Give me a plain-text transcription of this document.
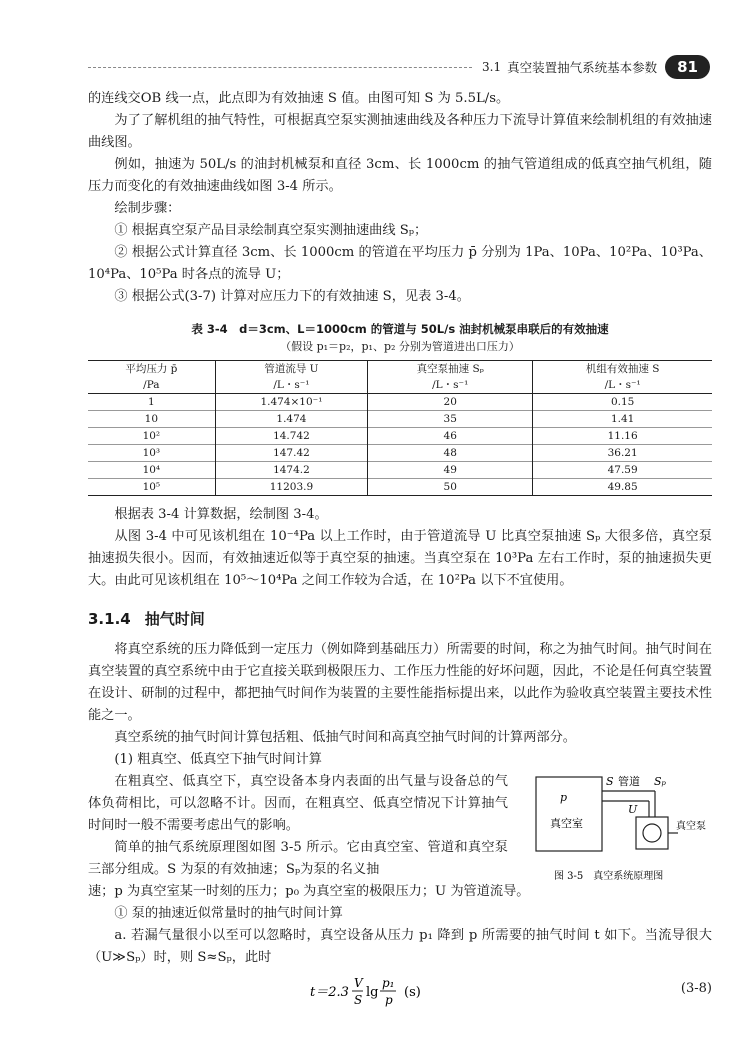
3.1 真空装置抽气系统基本参数	81

的连线交OB 线一点，此点即为有效抽速 S 值。由图可知 S 为 5.5L/s。

为了了解机组的抽气特性，可根据真空泵实测抽速曲线及各种压力下流导计算值来绘制机组的有效抽速曲线图。

例如，抽速为 50L/s 的油封机械泵和直径 3cm、长 1000cm 的抽气管道组成的低真空抽气机组，随压力而变化的有效抽速曲线如图 3-4 所示。

绘制步骤：

① 根据真空泵产品目录绘制真空泵实测抽速曲线 Sₚ；

② 根据公式计算直径 3cm、长 1000cm 的管道在平均压力 p̄ 分别为 1Pa、10Pa、10²Pa、10³Pa、10⁴Pa、10⁵Pa 时各点的流导 U；

③ 根据公式(3-7) 计算对应压力下的有效抽速 S，见表 3-4。

表 3-4　d＝3cm、L＝1000cm 的管道与 50L/s 油封机械泵串联后的有效抽速
（假设 p₁＝p₂，p₁、p₂ 分别为管道进出口压力）
平均压力 p̄	管道流导 U	真空泵抽速 Sₚ	机组有效抽速 S
/Pa	/L・s⁻¹	/L・s⁻¹	/L・s⁻¹
1	1.474×10⁻¹	20	0.15
10	1.474	35	1.41
10²	14.742	46	11.16
10³	147.42	48	36.21
10⁴	1474.2	49	47.59
10⁵	11203.9	50	49.85

根据表 3-4 计算数据，绘制图 3-4。

从图 3-4 中可见该机组在 10⁻⁴Pa 以上工作时，由于管道流导 U 比真空泵抽速 Sₚ 大很多倍，真空泵抽速损失很小。因而，有效抽速近似等于真空泵的抽速。当真空泵在 10³Pa 左右工作时，泵的抽速损失更大。由此可见该机组在 10⁵～10⁴Pa 之间工作较为合适，在 10²Pa 以下不宜使用。

3.1.4 抽气时间

将真空系统的压力降低到一定压力（例如降到基础压力）所需要的时间，称之为抽气时间。抽气时间在真空装置的真空系统中由于它直接关联到极限压力、工作压力性能的好坏问题，因此，不论是任何真空装置在设计、研制的过程中，都把抽气时间作为装置的主要性能指标提出来，以此作为验收真空装置主要技术性能之一。

真空系统的抽气时间计算包括粗、低抽气时间和高真空抽气时间的计算两部分。

(1) 粗真空、低真空下抽气时间计算

p
真空室
S 管道
U
Sₚ
真空泵
图 3-5　真空系统原理图

在粗真空、低真空下，真空设备本身内表面的出气量与设备总的气体负荷相比，可以忽略不计。因而，在粗真空、低真空情况下计算抽气时间时一般不需要考虑出气的影响。

简单的抽气系统原理图如图 3-5 所示。它由真空室、管道和真空泵三部分组成。S 为泵的有效抽速；Sₚ为泵的名义抽

速；p 为真空室某一时刻的压力；p₀ 为真空室的极限压力；U 为管道流导。

① 泵的抽速近似常量时的抽气时间计算

a. 若漏气量很小以至可以忽略时，真空设备从压力 p₁ 降到 p 所需要的抽气时间 t 如下。当流导很大（U≫Sₚ）时，则 S≈Sₚ，此时

t＝2.3
V
S lg
p₁
p (s)	(3-8)
